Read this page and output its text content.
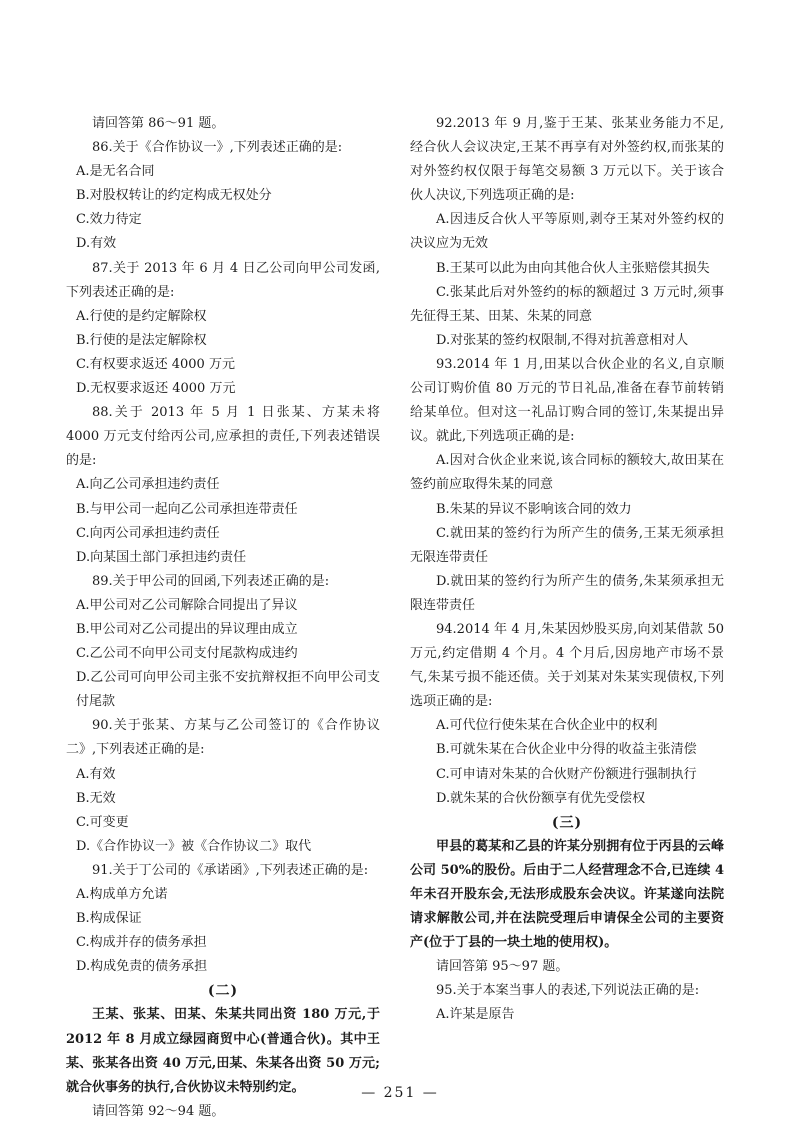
请回答第 86～91 题。

86.关于《合作协议一》,下列表述正确的是:

A.是无名合同

B.对股权转让的约定构成无权处分

C.效力待定

D.有效

87.关于 2013 年 6 月 4 日乙公司向甲公司发函,下列表述正确的是:

A.行使的是约定解除权

B.行使的是法定解除权

C.有权要求返还 4000 万元

D.无权要求返还 4000 万元

88.关于 2013 年 5 月 1 日张某、方某未将 4000 万元支付给丙公司,应承担的责任,下列表述错误的是:

A.向乙公司承担违约责任

B.与甲公司一起向乙公司承担连带责任

C.向丙公司承担违约责任

D.向某国土部门承担违约责任

89.关于甲公司的回函,下列表述正确的是:

A.甲公司对乙公司解除合同提出了异议

B.甲公司对乙公司提出的异议理由成立

C.乙公司不向甲公司支付尾款构成违约

D.乙公司可向甲公司主张不安抗辩权拒不向甲公司支付尾款

90.关于张某、方某与乙公司签订的《合作协议二》,下列表述正确的是:

A.有效

B.无效

C.可变更

D.《合作协议一》被《合作协议二》取代

91.关于丁公司的《承诺函》,下列表述正确的是:

A.构成单方允诺

B.构成保证

C.构成并存的债务承担

D.构成免责的债务承担

(二)

王某、张某、田某、朱某共同出资 180 万元,于 2012 年 8 月成立绿园商贸中心(普通合伙)。其中王某、张某各出资 40 万元,田某、朱某各出资 50 万元;就合伙事务的执行,合伙协议未特别约定。

请回答第 92～94 题。

92.2013 年 9 月,鉴于王某、张某业务能力不足,经合伙人会议决定,王某不再享有对外签约权,而张某的对外签约权仅限于每笔交易额 3 万元以下。关于该合伙人决议,下列选项正确的是:

A.因违反合伙人平等原则,剥夺王某对外签约权的决议应为无效

B.王某可以此为由向其他合伙人主张赔偿其损失

C.张某此后对外签约的标的额超过 3 万元时,须事先征得王某、田某、朱某的同意

D.对张某的签约权限制,不得对抗善意相对人

93.2014 年 1 月,田某以合伙企业的名义,自京顺公司订购价值 80 万元的节日礼品,准备在春节前转销给某单位。但对这一礼品订购合同的签订,朱某提出异议。就此,下列选项正确的是:

A.因对合伙企业来说,该合同标的额较大,故田某在签约前应取得朱某的同意

B.朱某的异议不影响该合同的效力

C.就田某的签约行为所产生的债务,王某无须承担无限连带责任

D.就田某的签约行为所产生的债务,朱某须承担无限连带责任

94.2014 年 4 月,朱某因炒股买房,向刘某借款 50 万元,约定借期 4 个月。4 个月后,因房地产市场不景气,朱某亏损不能还债。关于刘某对朱某实现债权,下列选项正确的是:

A.可代位行使朱某在合伙企业中的权利

B.可就朱某在合伙企业中分得的收益主张清偿

C.可申请对朱某的合伙财产份额进行强制执行

D.就朱某的合伙份额享有优先受偿权

(三)

甲县的葛某和乙县的许某分别拥有位于丙县的云峰公司 50%的股份。后由于二人经营理念不合,已连续 4 年未召开股东会,无法形成股东会决议。许某遂向法院请求解散公司,并在法院受理后申请保全公司的主要资产(位于丁县的一块土地的使用权)。

请回答第 95～97 题。

95.关于本案当事人的表述,下列说法正确的是:

A.许某是原告

— 251 —
